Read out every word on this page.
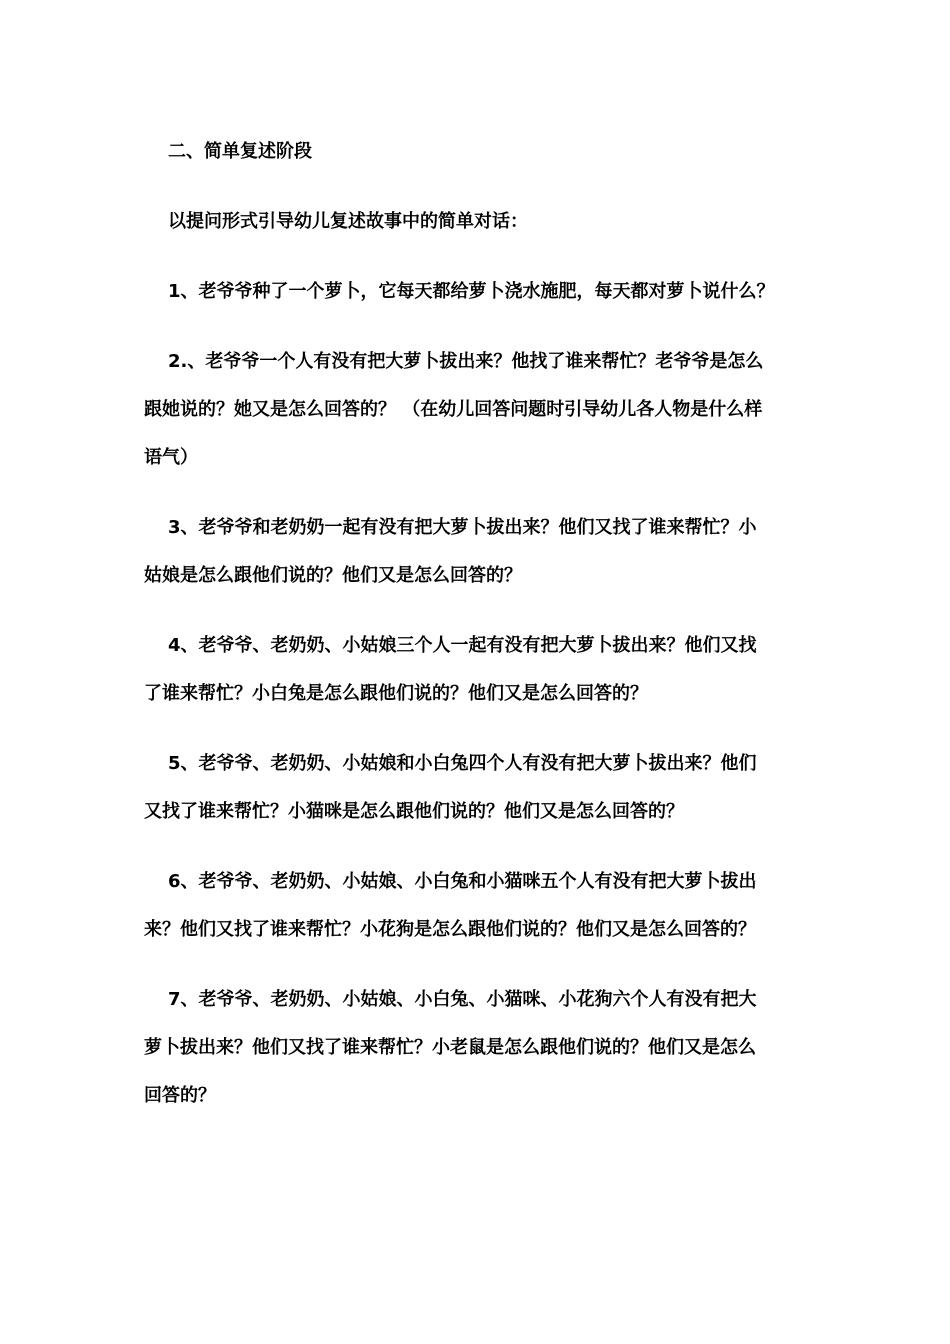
二、简单复述阶段
以提问形式引导幼儿复述故事中的简单对话：
1、老爷爷种了一个萝卜，它每天都给萝卜浇水施肥，每天都对萝卜说什么？
2.、老爷爷一个人有没有把大萝卜拔出来？他找了谁来帮忙？老爷爷是怎么
跟她说的？她又是怎么回答的？ （在幼儿回答问题时引导幼儿各人物是什么样
语气）
3、老爷爷和老奶奶一起有没有把大萝卜拔出来？他们又找了谁来帮忙？小
姑娘是怎么跟他们说的？他们又是怎么回答的？
4、老爷爷、老奶奶、小姑娘三个人一起有没有把大萝卜拔出来？他们又找
了谁来帮忙？小白兔是怎么跟他们说的？他们又是怎么回答的？
5、老爷爷、老奶奶、小姑娘和小白兔四个人有没有把大萝卜拔出来？他们
又找了谁来帮忙？小猫咪是怎么跟他们说的？他们又是怎么回答的？
6、老爷爷、老奶奶、小姑娘、小白兔和小猫咪五个人有没有把大萝卜拔出
来？他们又找了谁来帮忙？小花狗是怎么跟他们说的？他们又是怎么回答的？
7、老爷爷、老奶奶、小姑娘、小白兔、小猫咪、小花狗六个人有没有把大
萝卜拔出来？他们又找了谁来帮忙？小老鼠是怎么跟他们说的？他们又是怎么
回答的？
